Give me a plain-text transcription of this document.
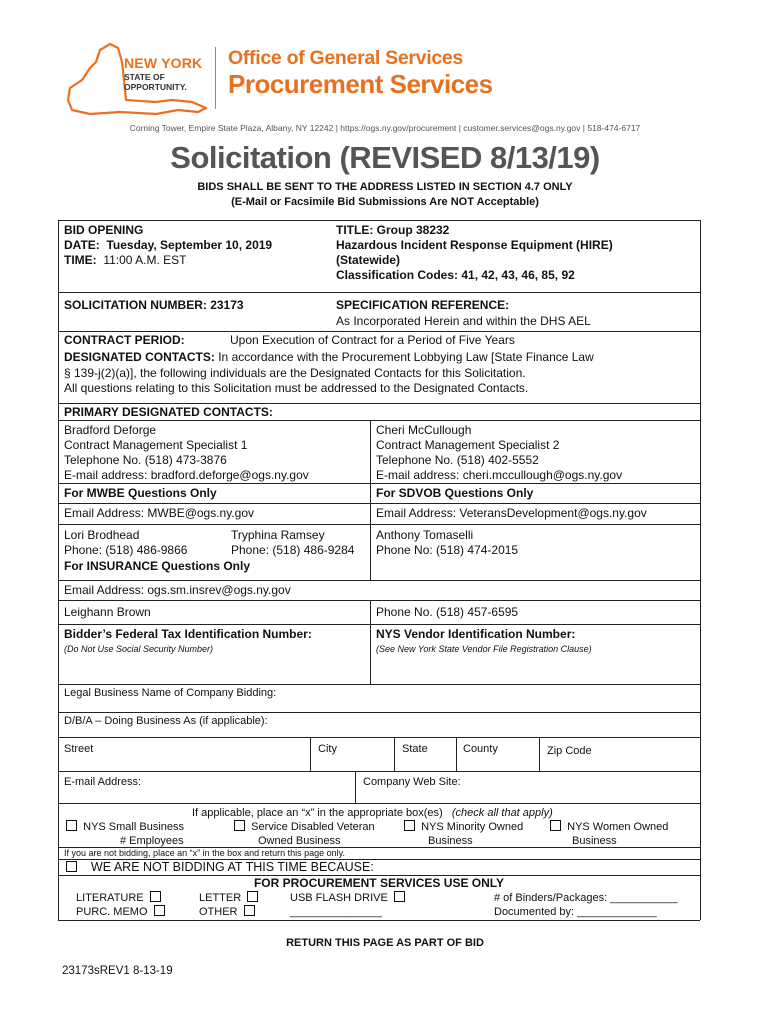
NEW YORK
STATE OF
OPPORTUNITY.
Office of General Services
Procurement Services
Corning Tower, Empire State Plaza, Albany, NY 12242 | https://ogs.ny.gov/procurement | customer.services@ogs.ny.gov | 518-474-6717
Solicitation (REVISED 8/13/19)
BIDS SHALL BE SENT TO THE ADDRESS LISTED IN SECTION 4.7 ONLY
(E-Mail or Facsimile Bid Submissions Are NOT Acceptable)
BID OPENING
DATE: Tuesday, September 10, 2019
TIME: 11:00 A.M. EST
TITLE: Group 38232
Hazardous Incident Response Equipment (HIRE)
(Statewide)
Classification Codes: 41, 42, 43, 46, 85, 92
SOLICITATION NUMBER: 23173	SPECIFICATION REFERENCE:
As Incorporated Herein and within the DHS AEL
CONTRACT PERIOD:	Upon Execution of Contract for a Period of Five Years
DESIGNATED CONTACTS: In accordance with the Procurement Lobbying Law [State Finance Law
§ 139-j(2)(a)], the following individuals are the Designated Contacts for this Solicitation.
All questions relating to this Solicitation must be addressed to the Designated Contacts.
PRIMARY DESIGNATED CONTACTS:
Bradford Deforge
Contract Management Specialist 1
Telephone No. (518) 473-3876
E-mail address: bradford.deforge@ogs.ny.gov
Cheri McCullough
Contract Management Specialist 2
Telephone No. (518) 402-5552
E-mail address: cheri.mccullough@ogs.ny.gov
For MWBE Questions Only	For SDVOB Questions Only
Email Address: MWBE@ogs.ny.gov	Email Address: VeteransDevelopment@ogs.ny.gov
Lori Brodhead
Phone: (518) 486-9866
Tryphina Ramsey
Phone: (518) 486-9284
Anthony Tomaselli
Phone No: (518) 474-2015
For INSURANCE Questions Only
Email Address: ogs.sm.insrev@ogs.ny.gov
Leighann Brown	Phone No. (518) 457-6595
Bidder’s Federal Tax Identification Number:
(Do Not Use Social Security Number)
NYS Vendor Identification Number:
(See New York State Vendor File Registration Clause)
Legal Business Name of Company Bidding:
D/B/A – Doing Business As (if applicable):
Street	City	State	County	Zip Code
E-mail Address:	Company Web Site:
If applicable, place an “x” in the appropriate box(es) (check all that apply)
NYS Small Business
# Employees
Service Disabled Veteran
Owned Business
NYS Minority Owned
Business
NYS Women Owned
Business
If you are not bidding, place an “x” in the box and return this page only.
WE ARE NOT BIDDING AT THIS TIME BECAUSE:
FOR PROCUREMENT SERVICES USE ONLY
LITERATURE
PURC. MEMO
LETTER
OTHER
USB FLASH DRIVE
_______________
# of Binders/Packages: ___________
Documented by: _____________
RETURN THIS PAGE AS PART OF BID
23173sREV1 8-13-19
